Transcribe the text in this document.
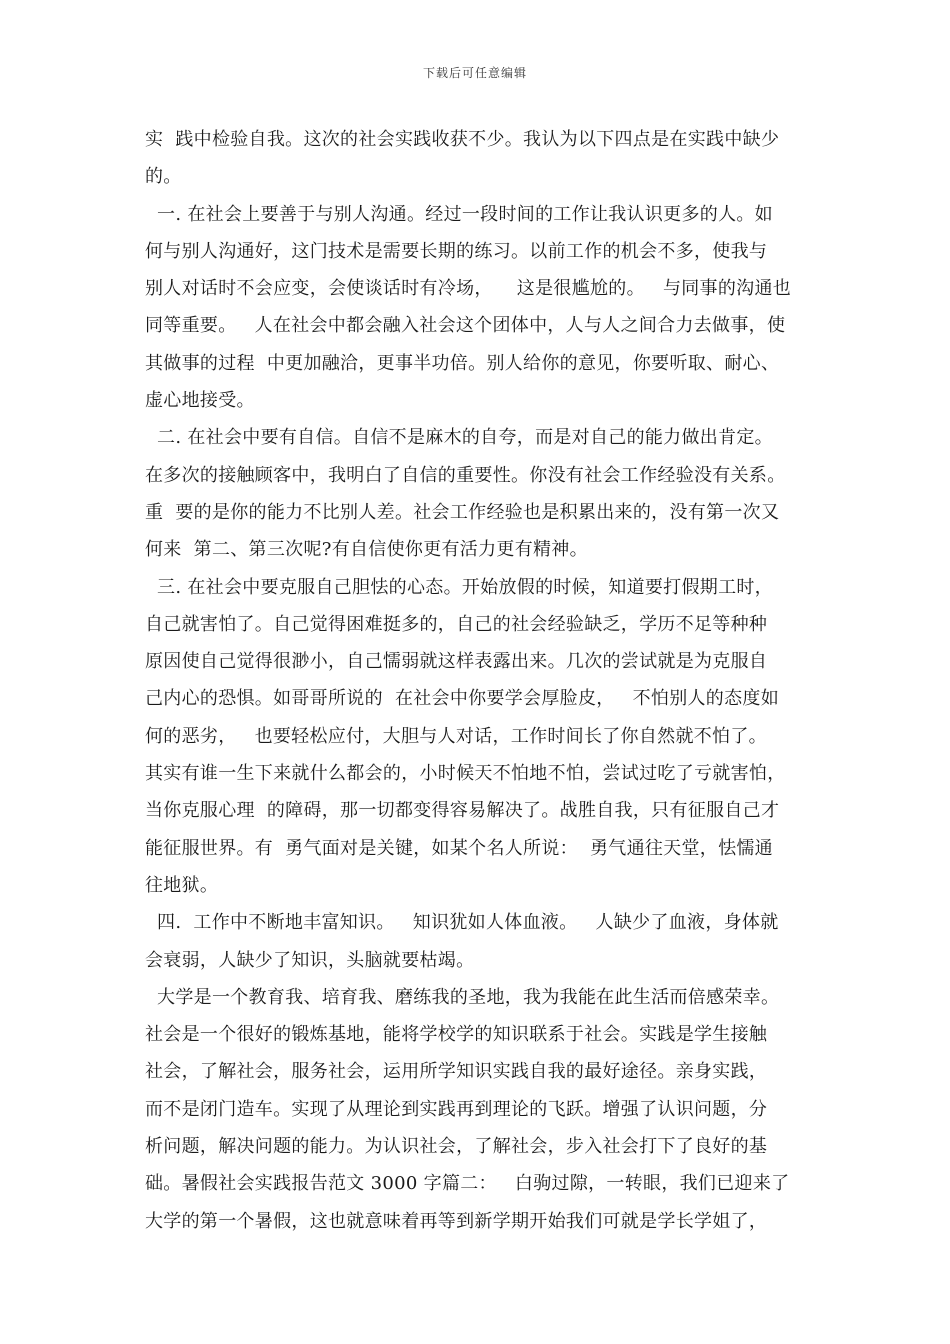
下载后可任意编辑
实  践中检验自我。这次的社会实践收获不少。我认为以下四点是在实践中缺少
的。
一. 在社会上要善于与别人沟通。经过一段时间的工作让我认识更多的人。如
何与别人沟通好，这门技术是需要长期的练习。以前工作的机会不多，使我与
别人对话时不会应变，会使谈话时有冷场，    这是很尴尬的。   与同事的沟通也
同等重要。   人在社会中都会融入社会这个团体中，人与人之间合力去做事，使
其做事的过程  中更加融洽，更事半功倍。别人给你的意见，你要听取、耐心、
虚心地接受。
二. 在社会中要有自信。自信不是麻木的自夸，而是对自己的能力做出肯定。
在多次的接触顾客中，我明白了自信的重要性。你没有社会工作经验没有关系。
重  要的是你的能力不比别人差。社会工作经验也是积累出来的，没有第一次又
何来  第二、第三次呢?有自信使你更有活力更有精神。
三. 在社会中要克服自己胆怯的心态。开始放假的时候，知道要打假期工时，
自己就害怕了。自己觉得困难挺多的，自己的社会经验缺乏，学历不足等种种
原因使自己觉得很渺小，自己懦弱就这样表露出来。几次的尝试就是为克服自
己内心的恐惧。如哥哥所说的  在社会中你要学会厚脸皮，   不怕别人的态度如
何的恶劣，   也要轻松应付，大胆与人对话，工作时间长了你自然就不怕了。
其实有谁一生下来就什么都会的，小时候天不怕地不怕，尝试过吃了亏就害怕，
当你克服心理  的障碍，那一切都变得容易解决了。战胜自我，只有征服自己才
能征服世界。有  勇气面对是关键，如某个名人所说：  勇气通往天堂，怯懦通
往地狱。
四.  工作中不断地丰富知识。   知识犹如人体血液。   人缺少了血液，身体就
会衰弱，人缺少了知识，头脑就要枯竭。
大学是一个教育我、培育我、磨练我的圣地，我为我能在此生活而倍感荣幸。
社会是一个很好的锻炼基地，能将学校学的知识联系于社会。实践是学生接触
社会，了解社会，服务社会，运用所学知识实践自我的最好途径。亲身实践，
而不是闭门造车。实现了从理论到实践再到理论的飞跃。增强了认识问题，分
析问题，解决问题的能力。为认识社会，了解社会，步入社会打下了良好的基
础。暑假社会实践报告范文 3000 字篇二：   白驹过隙，一转眼，我们已迎来了
大学的第一个暑假，这也就意味着再等到新学期开始我们可就是学长学姐了，
